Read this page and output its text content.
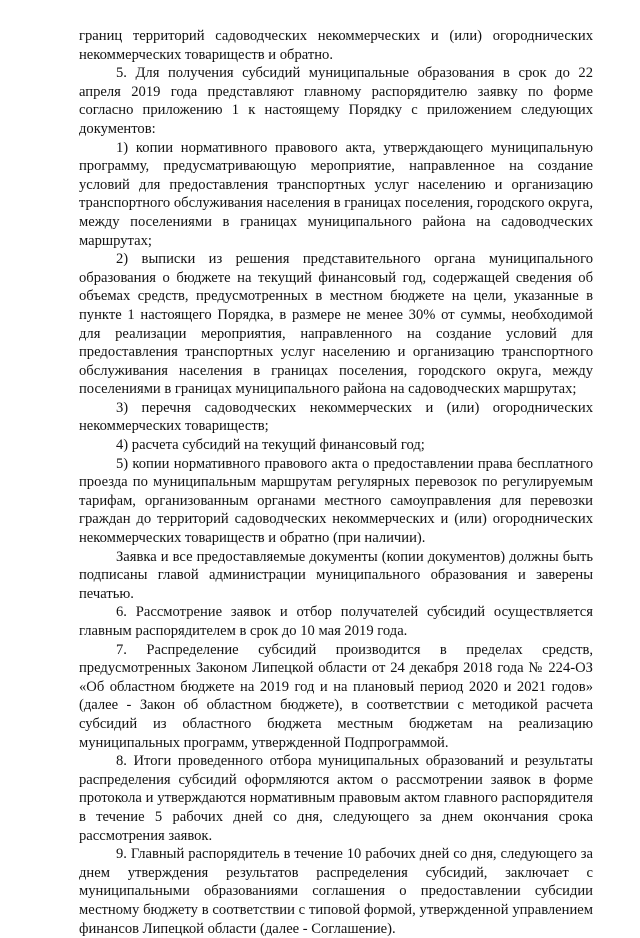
границ территорий садоводческих некоммерческих и (или) огороднических некоммерческих товариществ и обратно.

5. Для получения субсидий муниципальные образования в срок до 22 апреля 2019 года представляют главному распорядителю заявку по форме согласно приложению 1 к настоящему Порядку с приложением следующих документов:

1) копии нормативного правового акта, утверждающего муниципальную программу, предусматривающую мероприятие, направленное на создание условий для предоставления транспортных услуг населению и организацию транспортного обслуживания населения в границах поселения, городского округа, между поселениями в границах муниципального района на садоводческих маршрутах;

2) выписки из решения представительного органа муниципального образования о бюджете на текущий финансовый год, содержащей сведения об объемах средств, предусмотренных в местном бюджете на цели, указанные в пункте 1 настоящего Порядка, в размере не менее 30% от суммы, необходимой для реализации мероприятия, направленного на создание условий для предоставления транспортных услуг населению и организацию транспортного обслуживания населения в границах поселения, городского округа, между поселениями в границах муниципального района на садоводческих маршрутах;

3) перечня садоводческих некоммерческих и (или) огороднических некоммерческих товариществ;

4) расчета субсидий на текущий финансовый год;

5) копии нормативного правового акта о предоставлении права бесплатного проезда по муниципальным маршрутам регулярных перевозок по регулируемым тарифам, организованным органами местного самоуправления для перевозки граждан до территорий садоводческих некоммерческих и (или) огороднических некоммерческих товариществ и обратно (при наличии).

Заявка и все предоставляемые документы (копии документов) должны быть подписаны главой администрации муниципального образования и заверены печатью.

6. Рассмотрение заявок и отбор получателей субсидий осуществляется главным распорядителем в срок до 10 мая 2019 года.

7. Распределение субсидий производится в пределах средств, предусмотренных Законом Липецкой области от 24 декабря 2018 года № 224-ОЗ «Об областном бюджете на 2019 год и на плановый период 2020 и 2021 годов» (далее - Закон об областном бюджете), в соответствии с методикой расчета субсидий из областного бюджета местным бюджетам на реализацию муниципальных программ, утвержденной Подпрограммой.

8. Итоги проведенного отбора муниципальных образований и результаты распределения субсидий оформляются актом о рассмотрении заявок в форме протокола и утверждаются нормативным правовым актом главного распорядителя в течение 5 рабочих дней со дня, следующего за днем окончания срока рассмотрения заявок.

9. Главный распорядитель в течение 10 рабочих дней со дня, следующего за днем утверждения результатов распределения субсидий, заключает с муниципальными образованиями соглашения о предоставлении субсидии местному бюджету в соответствии с типовой формой, утвержденной управлением финансов Липецкой области (далее - Соглашение).
